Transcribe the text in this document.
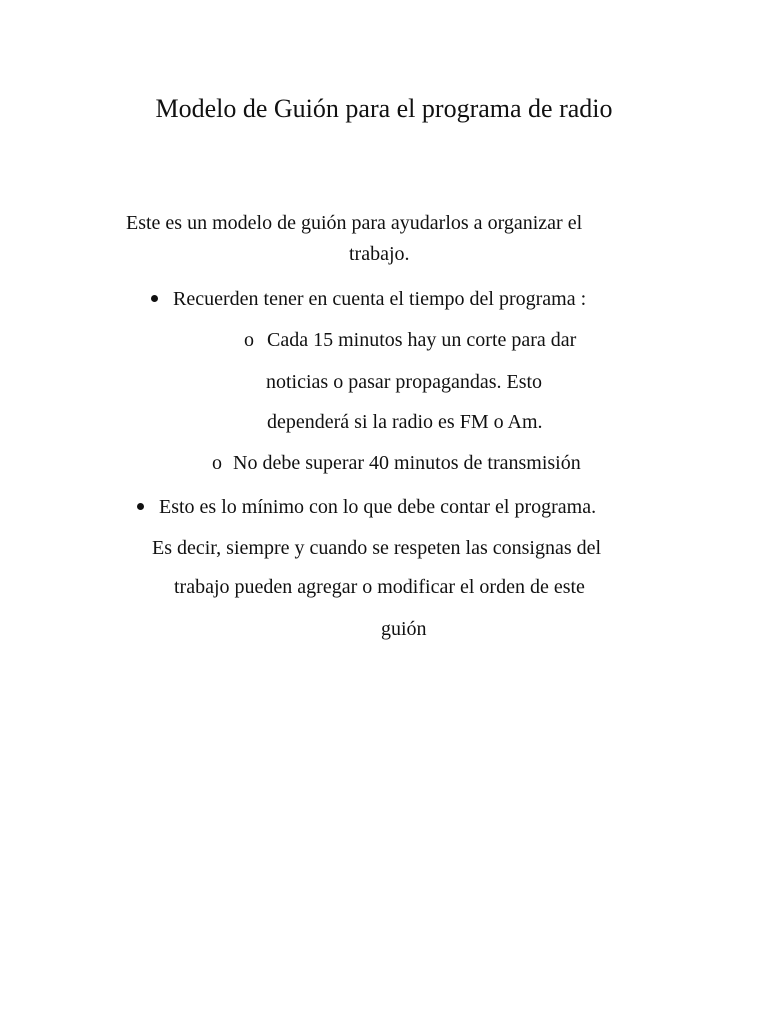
Modelo de Guión para el programa de radio
Este es un modelo de guión para ayudarlos a organizar el
trabajo.
Recuerden tener en cuenta el tiempo del programa :
o Cada 15 minutos hay un corte para dar
noticias o pasar propagandas. Esto
dependerá si la radio es FM o Am.
o No debe superar 40 minutos de transmisión
Esto es lo mínimo con lo que debe contar el programa.
Es decir, siempre y cuando se respeten las consignas del
trabajo pueden agregar o modificar el orden de este
guión
